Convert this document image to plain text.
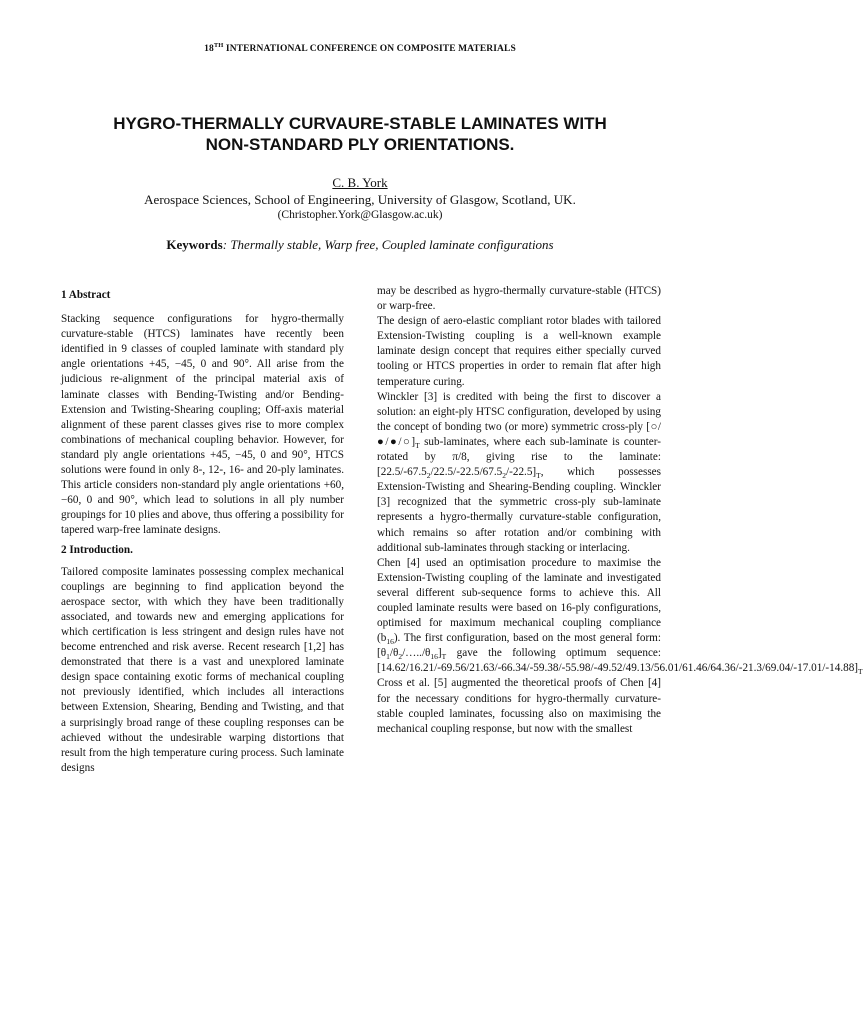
18TH INTERNATIONAL CONFERENCE ON COMPOSITE MATERIALS
HYGRO-THERMALLY CURVAURE-STABLE LAMINATES WITH
NON-STANDARD PLY ORIENTATIONS.
C. B. York
Aerospace Sciences, School of Engineering, University of Glasgow, Scotland, UK.
(Christopher.York@Glasgow.ac.uk)
Keywords: Thermally stable, Warp free, Coupled laminate configurations

1 Abstract

Stacking sequence configurations for hygro-thermally curvature-stable (HTCS) laminates have recently been identified in 9 classes of coupled laminate with standard ply angle orientations +45, −45, 0 and 90°. All arise from the judicious re-alignment of the principal material axis of laminate classes with Bending-Twisting and/or Bending-Extension and Twisting-Shearing coupling; Off-axis material alignment of these parent classes gives rise to more complex combinations of mechanical coupling behavior. However, for standard ply angle orientations +45, −45, 0 and 90°, HTCS solutions were found in only 8-, 12-, 16- and 20-ply laminates. This article considers non-standard ply angle orientations +60, −60, 0 and 90°, which lead to solutions in all ply number groupings for 10 plies and above, thus offering a possibility for tapered warp-free laminate designs.

2 Introduction.

Tailored composite laminates possessing complex mechanical couplings are beginning to find application beyond the aerospace sector, with which they have been traditionally associated, and towards new and emerging applications for which certification is less stringent and design rules have not become entrenched and risk averse. Recent research [1,2] has demonstrated that there is a vast and unexplored laminate design space containing exotic forms of mechanical coupling not previously identified, which includes all interactions between Extension, Shearing, Bending and Twisting, and that a surprisingly broad range of these coupling responses can be achieved without the undesirable warping distortions that result from the high temperature curing process. Such laminate designs

may be described as hygro-thermally curvature-stable (HTCS) or warp-free.

The design of aero-elastic compliant rotor blades with tailored Extension-Twisting coupling is a well-known example laminate design concept that requires either specially curved tooling or HTCS properties in order to remain flat after high temperature curing.

Winckler [3] is credited with being the first to discover a solution: an eight-ply HTSC configuration, developed by using the concept of bonding two (or more) symmetric cross-ply $[○/●/●/○]_T$ sub-laminates, where each sub-laminate is counter-rotated by π/8, giving rise to the laminate: $[22.5/-67.5_2/22.5/-22.5/67.5_2/-22.5]_T$, which possesses Extension-Twisting and Shearing-Bending coupling. Winckler [3] recognized that the symmetric cross-ply sub-laminate represents a hygro-thermally curvature-stable configuration, which remains so after rotation and/or combining with additional sub-laminates through stacking or interlacing.

Chen [4] used an optimisation procedure to maximise the Extension-Twisting coupling of the laminate and investigated several different sub-sequence forms to achieve this. All coupled laminate results were based on 16-ply configurations, optimised for maximum mechanical coupling compliance $(b_{16})$. The first configuration, based on the most general form: $[\theta_1/\theta_2/\dots../\theta_{16}]_T$ gave the following optimum sequence: $[14.62/16.21/-69.56/21.63/-66.34/-59.38/-55.98/-49.52/49.13/56.01/61.46/64.36/-21.3/69.04/-17.01/-14.88]_T$

Cross et al. [5] augmented the theoretical proofs of Chen [4] for the necessary conditions for hygro-thermally curvature-stable coupled laminates, focussing also on maximising the mechanical coupling response, but now with the smallest
